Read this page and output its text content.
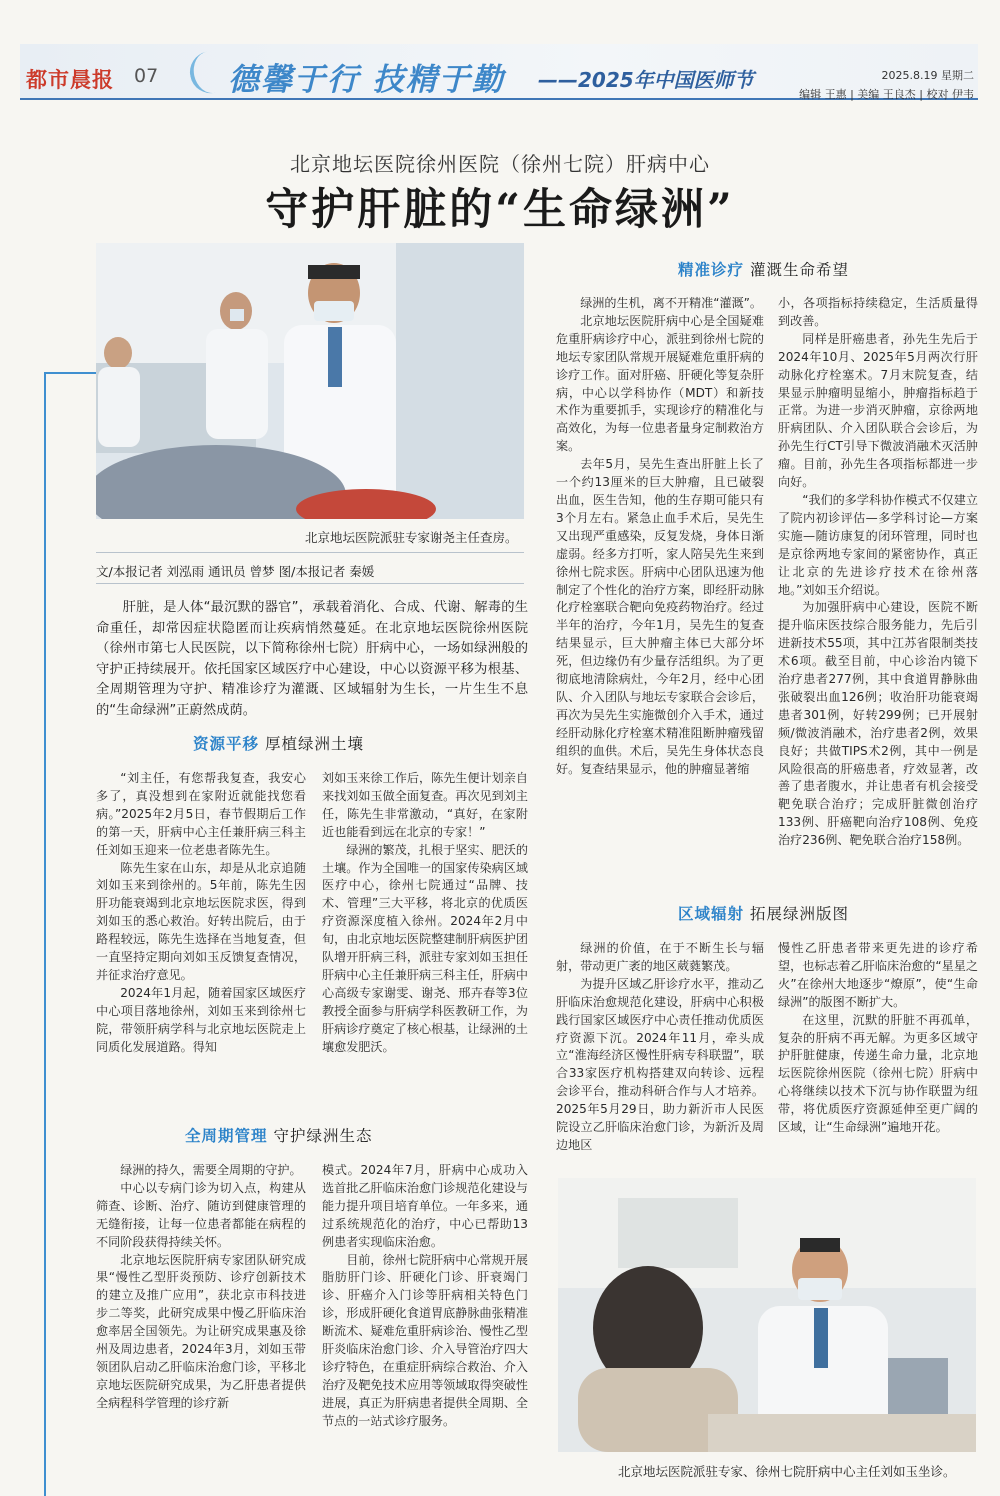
都市晨报 07 德馨于行 技精于勤 ——2025年中国医师节	2025.8.19 星期二
编辑 王惠 | 美编 王良杰 | 校对 伊韦
北京地坛医院徐州医院（徐州七院）肝病中心
守护肝脏的“生命绿洲”
北京地坛医院派驻专家谢尧主任查房。
文/本报记者 刘泓雨 通讯员 曾梦 图/本报记者 秦媛

肝脏，是人体“最沉默的器官”，承载着消化、合成、代谢、解毒的生命重任，却常因症状隐匿而让疾病悄然蔓延。在北京地坛医院徐州医院（徐州市第七人民医院，以下简称徐州七院）肝病中心，一场如绿洲般的守护正持续展开。依托国家区域医疗中心建设，中心以资源平移为根基、全周期管理为守护、精准诊疗为灌溉、区域辐射为生长，一片生生不息的“生命绿洲”正蔚然成荫。

资源平移 厚植绿洲土壤

“刘主任，有您帮我复查，我安心多了，真没想到在家附近就能找您看病。”2025年2月5日，春节假期后工作的第一天，肝病中心主任兼肝病三科主任刘如玉迎来一位老患者陈先生。

陈先生家在山东，却是从北京追随刘如玉来到徐州的。5年前，陈先生因肝功能衰竭到北京地坛医院求医，得到刘如玉的悉心救治。好转出院后，由于路程较远，陈先生选择在当地复查，但一直坚持定期向刘如玉反馈复查情况，并征求治疗意见。

2024年1月起，随着国家区域医疗中心项目落地徐州，刘如玉来到徐州七院，带领肝病学科与北京地坛医院走上同质化发展道路。得知

刘如玉来徐工作后，陈先生便计划亲自来找刘如玉做全面复查。再次见到刘主任，陈先生非常激动，“真好，在家附近也能看到远在北京的专家！”

绿洲的繁茂，扎根于坚实、肥沃的土壤。作为全国唯一的国家传染病区域医疗中心，徐州七院通过“品牌、技术、管理”三大平移，将北京的优质医疗资源深度植入徐州。2024年2月中旬，由北京地坛医院整建制肝病医护团队增开肝病三科，派驻专家刘如玉担任肝病中心主任兼肝病三科主任，肝病中心高级专家谢雯、谢尧、邢卉春等3位教授全面参与肝病学科医教研工作，为肝病诊疗奠定了核心根基，让绿洲的土壤愈发肥沃。

全周期管理 守护绿洲生态

绿洲的持久，需要全周期的守护。

中心以专病门诊为切入点，构建从筛查、诊断、治疗、随访到健康管理的无缝衔接，让每一位患者都能在病程的不同阶段获得持续关怀。

北京地坛医院肝病专家团队研究成果“慢性乙型肝炎预防、诊疗创新技术的建立及推广应用”，获北京市科技进步二等奖，此研究成果中慢乙肝临床治愈率居全国领先。为让研究成果惠及徐州及周边患者，2024年3月，刘如玉带领团队启动乙肝临床治愈门诊，平移北京地坛医院研究成果，为乙肝患者提供全病程科学管理的诊疗新

模式。2024年7月，肝病中心成功入选首批乙肝临床治愈门诊规范化建设与能力提升项目培育单位。一年多来，通过系统规范化的治疗，中心已帮助13例患者实现临床治愈。

目前，徐州七院肝病中心常规开展脂肪肝门诊、肝硬化门诊、肝衰竭门诊、肝癌介入门诊等肝病相关特色门诊，形成肝硬化食道胃底静脉曲张精准断流术、疑难危重肝病诊治、慢性乙型肝炎临床治愈门诊、介入导管治疗四大诊疗特色，在重症肝病综合救治、介入治疗及靶免技术应用等领域取得突破性进展，真正为肝病患者提供全周期、全节点的一站式诊疗服务。

精准诊疗 灌溉生命希望

绿洲的生机，离不开精准“灌溉”。

北京地坛医院肝病中心是全国疑难危重肝病诊疗中心，派驻到徐州七院的地坛专家团队常规开展疑难危重肝病的诊疗工作。面对肝癌、肝硬化等复杂肝病，中心以学科协作（MDT）和新技术作为重要抓手，实现诊疗的精准化与高效化，为每一位患者量身定制救治方案。

去年5月，吴先生查出肝脏上长了一个约13厘米的巨大肿瘤，且已破裂出血，医生告知，他的生存期可能只有3个月左右。紧急止血手术后，吴先生又出现严重感染，反复发烧，身体日渐虚弱。经多方打听，家人陪吴先生来到徐州七院求医。肝病中心团队迅速为他制定了个性化的治疗方案，即经肝动脉化疗栓塞联合靶向免疫药物治疗。经过半年的治疗，今年1月，吴先生的复查结果显示，巨大肿瘤主体已大部分坏死，但边缘仍有少量存活组织。为了更彻底地清除病灶，今年2月，经中心团队、介入团队与地坛专家联合会诊后，再次为吴先生实施微创介入手术，通过经肝动脉化疗栓塞术精准阻断肿瘤残留组织的血供。术后，吴先生身体状态良好。复查结果显示，他的肿瘤显著缩

小，各项指标持续稳定，生活质量得到改善。

同样是肝癌患者，孙先生先后于2024年10月、2025年5月两次行肝动脉化疗栓塞术。7月末院复查，结果显示肿瘤明显缩小，肿瘤指标趋于正常。为进一步消灭肿瘤，京徐两地肝病团队、介入团队联合会诊后，为孙先生行CT引导下微波消融术灭活肿瘤。目前，孙先生各项指标都进一步向好。

“我们的多学科协作模式不仅建立了院内初诊评估—多学科讨论—方案实施—随访康复的闭环管理，同时也是京徐两地专家间的紧密协作，真正让北京的先进诊疗技术在徐州落地。”刘如玉介绍说。

为加强肝病中心建设，医院不断提升临床医技综合服务能力，先后引进新技术55项，其中江苏省限制类技术6项。截至目前，中心诊治内镜下治疗患者277例，其中食道胃静脉曲张破裂出血126例；收治肝功能衰竭患者301例，好转299例；已开展射频/微波消融术，治疗患者2例，效果良好；共做TIPS术2例，其中一例是风险很高的肝癌患者，疗效显著，改善了患者腹水，并让患者有机会接受靶免联合治疗；完成肝脏微创治疗133例、肝癌靶向治疗108例、免疫治疗236例、靶免联合治疗158例。

区域辐射 拓展绿洲版图

绿洲的价值，在于不断生长与辐射，带动更广袤的地区葳蕤繁茂。

为提升区域乙肝诊疗水平，推动乙肝临床治愈规范化建设，肝病中心积极践行国家区域医疗中心责任推动优质医疗资源下沉。2024年11月，牵头成立“淮海经济区慢性肝病专科联盟”，联合33家医疗机构搭建双向转诊、远程会诊平台，推动科研合作与人才培养。2025年5月29日，助力新沂市人民医院设立乙肝临床治愈门诊，为新沂及周边地区

慢性乙肝患者带来更先进的诊疗希望，也标志着乙肝临床治愈的“星星之火”在徐州大地逐步“燎原”，使“生命绿洲”的版图不断扩大。

在这里，沉默的肝脏不再孤单，复杂的肝病不再无解。为更多区域守护肝脏健康，传递生命力量，北京地坛医院徐州医院（徐州七院）肝病中心将继续以技术下沉与协作联盟为纽带，将优质医疗资源延伸至更广阔的区域，让“生命绿洲”遍地开花。

北京地坛医院派驻专家、徐州七院肝病中心主任刘如玉坐诊。
